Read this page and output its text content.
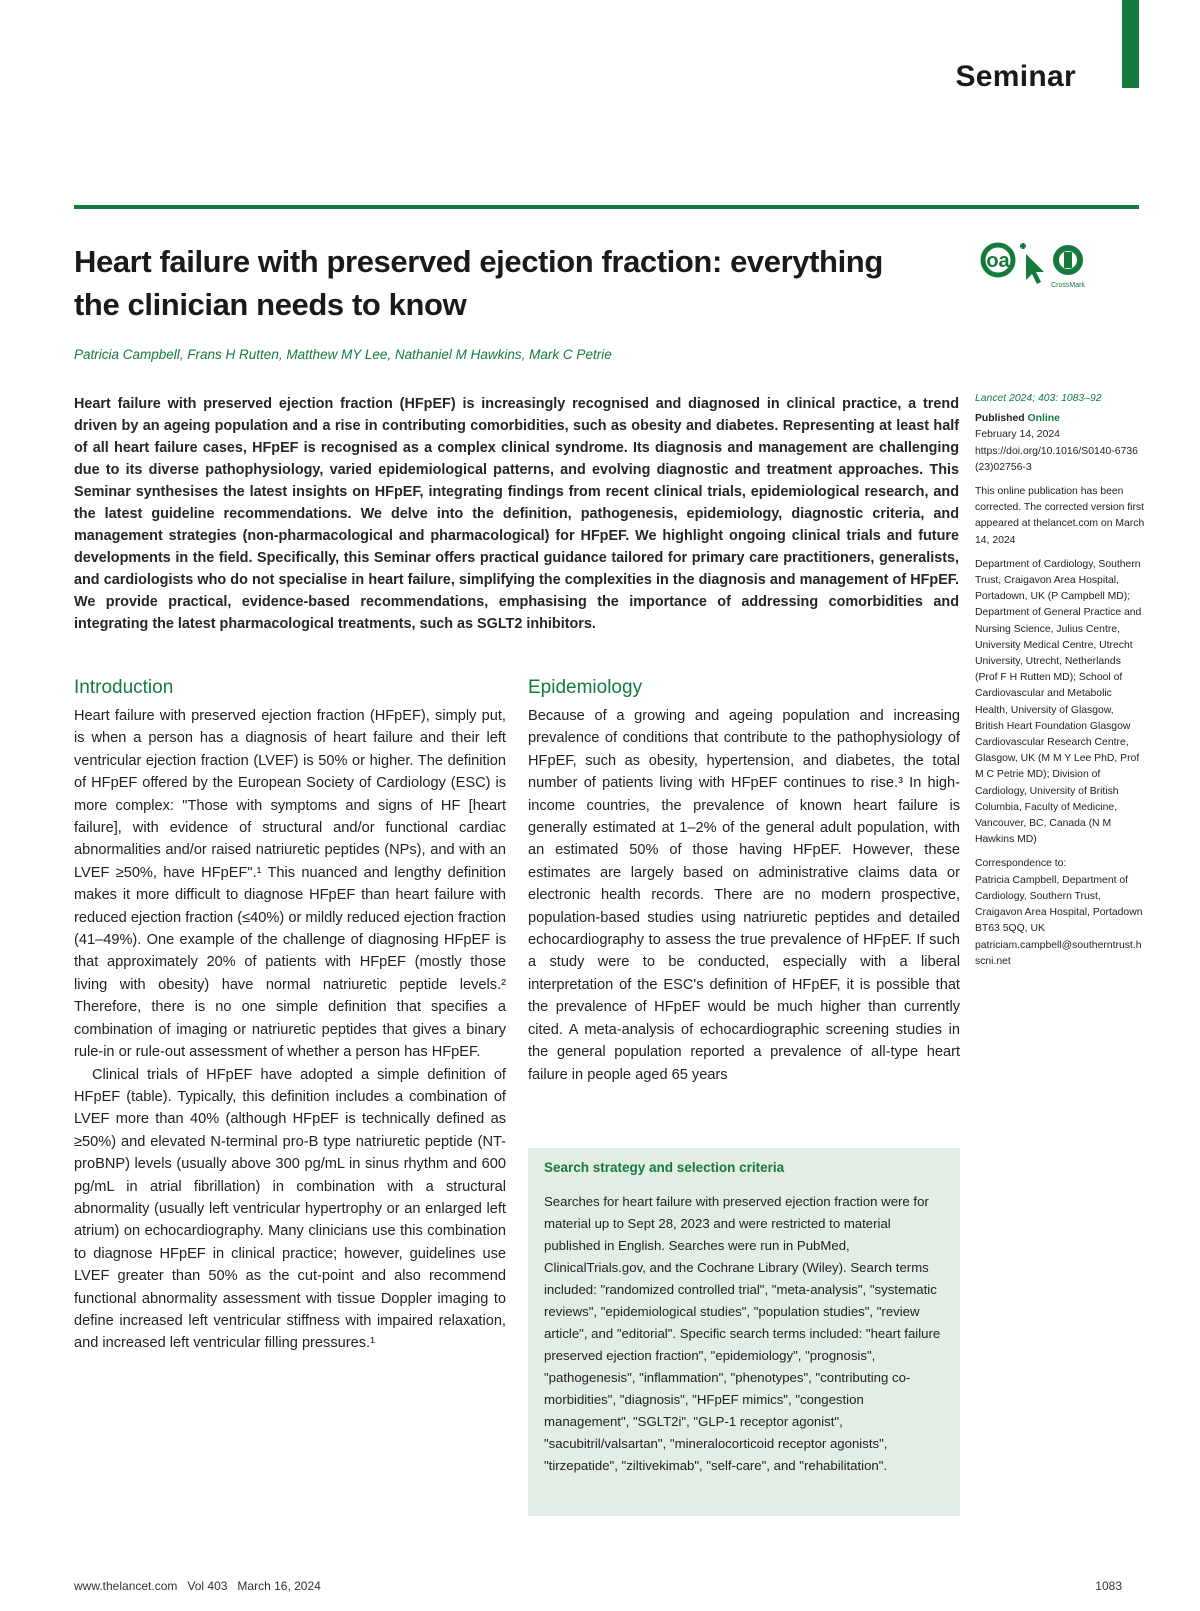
Seminar
Heart failure with preserved ejection fraction: everything the clinician needs to know
oa
CrossMark
Patricia Campbell, Frans H Rutten, Matthew MY Lee, Nathaniel M Hawkins, Mark C Petrie

Heart failure with preserved ejection fraction (HFpEF) is increasingly recognised and diagnosed in clinical practice, a trend driven by an ageing population and a rise in contributing comorbidities, such as obesity and diabetes. Representing at least half of all heart failure cases, HFpEF is recognised as a complex clinical syndrome. Its diagnosis and management are challenging due to its diverse pathophysiology, varied epidemiological patterns, and evolving diagnostic and treatment approaches. This Seminar synthesises the latest insights on HFpEF, integrating findings from recent clinical trials, epidemiological research, and the latest guideline recommendations. We delve into the definition, pathogenesis, epidemiology, diagnostic criteria, and management strategies (non-pharmacological and pharmacological) for HFpEF. We highlight ongoing clinical trials and future developments in the field. Specifically, this Seminar offers practical guidance tailored for primary care practitioners, generalists, and cardiologists who do not specialise in heart failure, simplifying the complexities in the diagnosis and management of HFpEF. We provide practical, evidence-based recommendations, emphasising the importance of addressing comorbidities and integrating the latest pharmacological treatments, such as SGLT2 inhibitors.

Introduction

Heart failure with preserved ejection fraction (HFpEF), simply put, is when a person has a diagnosis of heart failure and their left ventricular ejection fraction (LVEF) is 50% or higher. The definition of HFpEF offered by the European Society of Cardiology (ESC) is more complex: "Those with symptoms and signs of HF [heart failure], with evidence of structural and/or functional cardiac abnormalities and/or raised natriuretic peptides (NPs), and with an LVEF ≥50%, have HFpEF".¹ This nuanced and lengthy definition makes it more difficult to diagnose HFpEF than heart failure with reduced ejection fraction (≤40%) or mildly reduced ejection fraction (41–49%). One example of the challenge of diagnosing HFpEF is that approximately 20% of patients with HFpEF (mostly those living with obesity) have normal natriuretic peptide levels.² Therefore, there is no one simple definition that specifies a combination of imaging or natriuretic peptides that gives a binary rule-in or rule-out assessment of whether a person has HFpEF.

Clinical trials of HFpEF have adopted a simple definition of HFpEF (table). Typically, this definition includes a combination of LVEF more than 40% (although HFpEF is technically defined as ≥50%) and elevated N-terminal pro-B type natriuretic peptide (NT-proBNP) levels (usually above 300 pg/mL in sinus rhythm and 600 pg/mL in atrial fibrillation) in combination with a structural abnormality (usually left ventricular hypertrophy or an enlarged left atrium) on echocardiography. Many clinicians use this combination to diagnose HFpEF in clinical practice; however, guidelines use LVEF greater than 50% as the cut-point and also recommend functional abnormality assessment with tissue Doppler imaging to define increased left ventricular stiffness with impaired relaxation, and increased left ventricular filling pressures.¹

Epidemiology

Because of a growing and ageing population and increasing prevalence of conditions that contribute to the pathophysiology of HFpEF, such as obesity, hypertension, and diabetes, the total number of patients living with HFpEF continues to rise.³ In high-income countries, the prevalence of known heart failure is generally estimated at 1–2% of the general adult population, with an estimated 50% of those having HFpEF. However, these estimates are largely based on administrative claims data or electronic health records. There are no modern prospective, population-based studies using natriuretic peptides and detailed echocardiography to assess the true prevalence of HFpEF. If such a study were to be conducted, especially with a liberal interpretation of the ESC's definition of HFpEF, it is possible that the prevalence of HFpEF would be much higher than currently cited. A meta-analysis of echocardiographic screening studies in the general population reported a prevalence of all-type heart failure in people aged 65 years

Search strategy and selection criteria

Searches for heart failure with preserved ejection fraction were for material up to Sept 28, 2023 and were restricted to material published in English. Searches were run in PubMed, ClinicalTrials.gov, and the Cochrane Library (Wiley). Search terms included: "randomized controlled trial", "meta-analysis", "systematic reviews", "epidemiological studies", "population studies", "review article", and "editorial". Specific search terms included: "heart failure preserved ejection fraction", "epidemiology", "prognosis", "pathogenesis", "inflammation", "phenotypes", "contributing co-morbidities", "diagnosis", "HFpEF mimics", "congestion management", "SGLT2i", "GLP-1 receptor agonist", "sacubitril/valsartan", "mineralocorticoid receptor agonists", "tirzepatide", "ziltivekimab", "self-care", and "rehabilitation".

Lancet 2024; 403: 1083–92

Published Online
February 14, 2024
https://doi.org/10.1016/S0140-6736(23)02756-3

This online publication has been corrected. The corrected version first appeared at thelancet.com on March 14, 2024

Department of Cardiology, Southern Trust, Craigavon Area Hospital, Portadown, UK (P Campbell MD); Department of General Practice and Nursing Science, Julius Centre, University Medical Centre, Utrecht University, Utrecht, Netherlands (Prof F H Rutten MD); School of Cardiovascular and Metabolic Health, University of Glasgow, British Heart Foundation Glasgow Cardiovascular Research Centre, Glasgow, UK (M M Y Lee PhD, Prof M C Petrie MD); Division of Cardiology, University of British Columbia, Faculty of Medicine, Vancouver, BC, Canada (N M Hawkins MD)

Correspondence to:
Patricia Campbell, Department of Cardiology, Southern Trust, Craigavon Area Hospital, Portadown BT63 5QQ, UK patriciam.campbell@southerntrust.hscni.net

www.thelancet.com   Vol 403   March 16, 2024	1083
